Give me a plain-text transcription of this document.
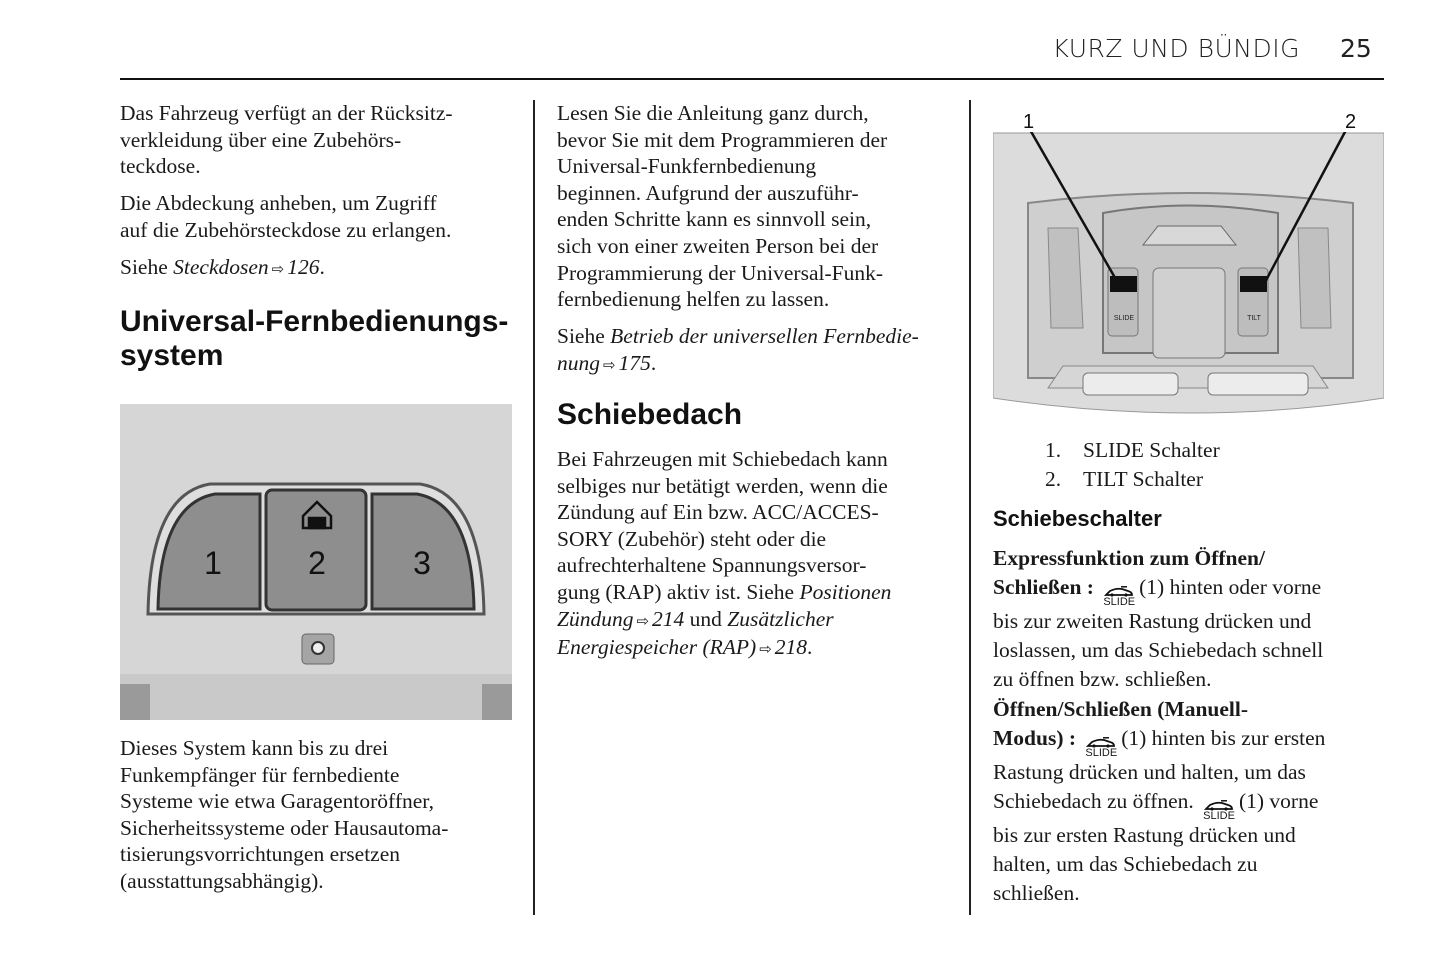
KURZ UND BÜNDIG 25
Das Fahrzeug verfügt an der Rücksitz-
verkleidung über eine Zubehörs-
teckdose.
Die Abdeckung anheben, um Zugriff
auf die Zubehörsteckdose zu erlangen.
Siehe Steckdosen ⇨ 126.
Universal-Fernbedienungs-
system
1	2	3
Dieses System kann bis zu drei
Funkempfänger für fernbediente
Systeme wie etwa Garagentoröffner,
Sicherheitssysteme oder Hausautoma-
tisierungsvorrichtungen ersetzen
(ausstattungsabhängig).
Lesen Sie die Anleitung ganz durch,
bevor Sie mit dem Programmieren der
Universal-Funkfernbedienung
beginnen. Aufgrund der auszuführ-
enden Schritte kann es sinnvoll sein,
sich von einer zweiten Person bei der
Programmierung der Universal-Funk-
fernbedienung helfen zu lassen.
Siehe Betrieb der universellen Fernbedie-
nung ⇨ 175.
Schiebedach
Bei Fahrzeugen mit Schiebedach kann
selbiges nur betätigt werden, wenn die
Zündung auf Ein bzw. ACC/ACCES-
SORY (Zubehör) steht oder die
aufrechterhaltene Spannungsversor-
gung (RAP) aktiv ist. Siehe Positionen
Zündung ⇨ 214 und Zusätzlicher
Energiespeicher (RAP) ⇨ 218.
SLIDE	TILT
1	2
1. SLIDE Schalter
2. TILT Schalter
Schiebeschalter
Expressfunktion zum Öffnen/
Schließen :
SLIDE
(1) hinten oder vorne
bis zur zweiten Rastung drücken und
loslassen, um das Schiebedach schnell
zu öffnen bzw. schließen.
Öffnen/Schließen (Manuell-
Modus) :
SLIDE
(1) hinten bis zur ersten
Rastung drücken und halten, um das
Schiebedach zu öffnen.
SLIDE
(1) vorne
bis zur ersten Rastung drücken und
halten, um das Schiebedach zu
schließen.
